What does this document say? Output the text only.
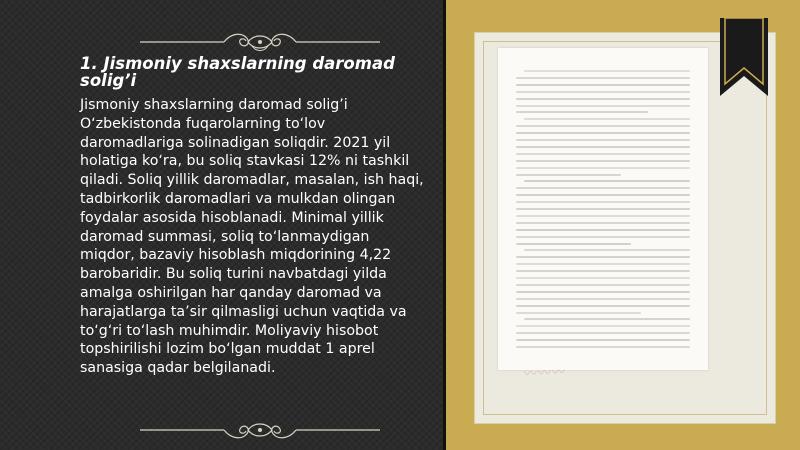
1. Jismoniy shaxslarning daromad solig’i

Jismoniy shaxslarning daromad solig’i O‘zbekistonda fuqarolarning to‘lov daromadlariga solinadigan soliqdir. 2021 yil holatiga ko‘ra, bu soliq stavkasi 12% ni tashkil qiladi. Soliq yillik daromadlar, masalan, ish haqi, tadbirkorlik daromadlari va mulkdan olingan foydalar asosida hisoblanadi. Minimal yillik daromad summasi, soliq to‘lanmaydigan miqdor, bazaviy hisoblash miqdorining 4,22 barobaridir. Bu soliq turini navbatdagi yilda amalga oshirilgan har qanday daromad va harajatlarga ta’sir qilmasligi uchun vaqtida va to‘g‘ri to‘lash muhimdir. Moliyaviy hisobot topshirilishi lozim bo‘lgan muddat 1 aprel sanasiga qadar belgilanadi.	〰〰〰
